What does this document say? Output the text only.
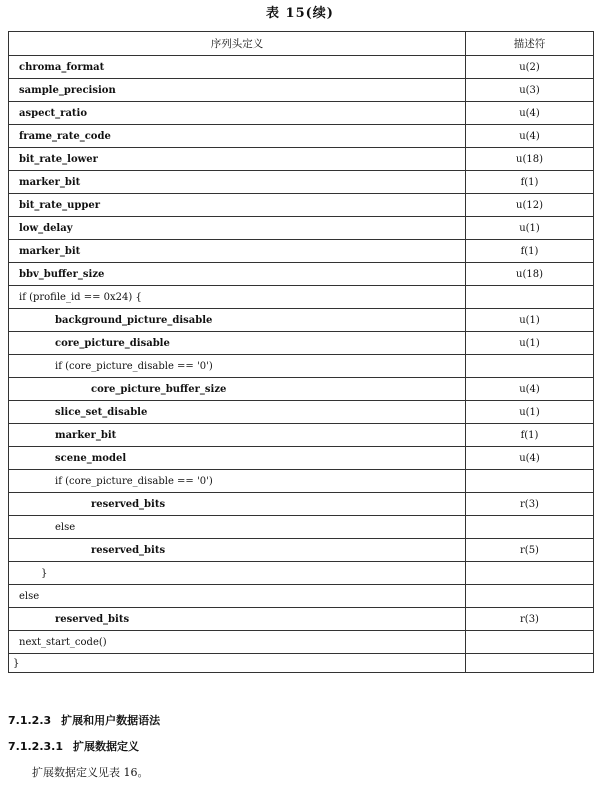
表 15(续)
序列头定义	描述符
chroma_format	u(2)
sample_precision	u(3)
aspect_ratio	u(4)
frame_rate_code	u(4)
bit_rate_lower	u(18)
marker_bit	f(1)
bit_rate_upper	u(12)
low_delay	u(1)
marker_bit	f(1)
bbv_buffer_size	u(18)
if (profile_id == 0x24) {	
background_picture_disable	u(1)
core_picture_disable	u(1)
if (core_picture_disable == '0')	
core_picture_buffer_size	u(4)
slice_set_disable	u(1)
marker_bit	f(1)
scene_model	u(4)
if (core_picture_disable == '0')	
reserved_bits	r(3)
else	
reserved_bits	r(5)
}	
else	
reserved_bits	r(3)
next_start_code()	
}	
7.1.2.3 扩展和用户数据语法
7.1.2.3.1 扩展数据定义
扩展数据定义见表 16。
